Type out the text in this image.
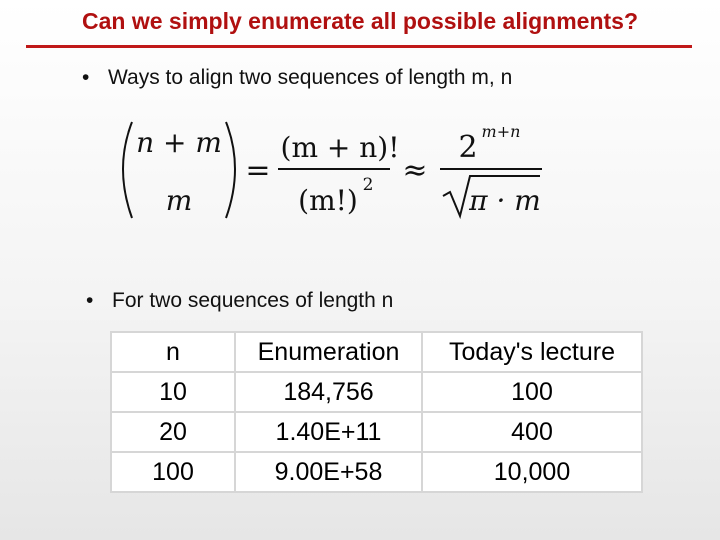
Can we simply enumerate all possible alignments?
• Ways to align two sequences of length m, n
n + m
m
=
(m + n)!
(m!) 2 ≈
2 m+n
π · m
• For two sequences of length n
n	Enumeration	Today's lecture
10	184,756	100
20	1.40E+11	400
100	9.00E+58	10,000
